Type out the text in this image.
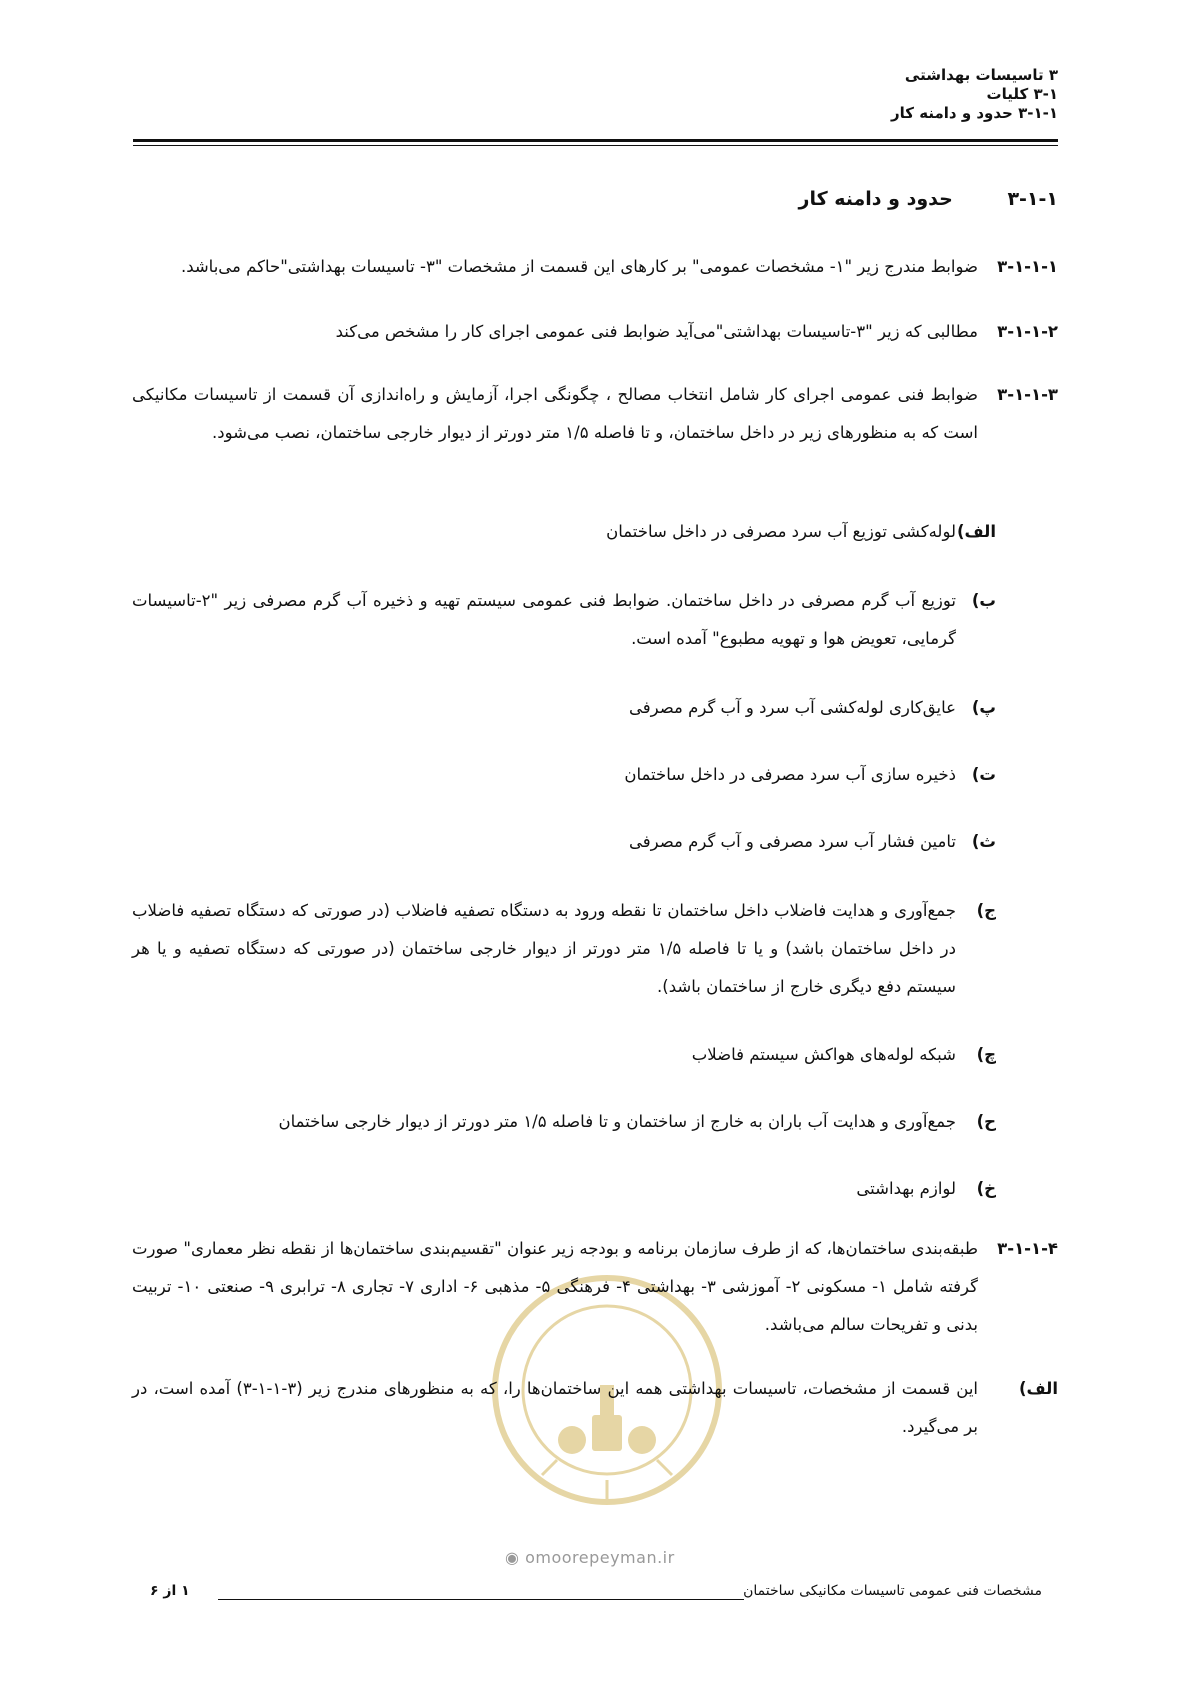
۳ تاسیسات بهداشتی
۳-۱ کلیات
۳-۱-۱ حدود و دامنه کار
۳-۱-۱ حدود و دامنه کار
۳-۱-۱-۱
ضوابط مندرج زیر "۱- مشخصات عمومی" بر کارهای این قسمت از مشخصات "۳- تاسیسات بهداشتی"حاکم می‌باشد.
۳-۱-۱-۲
مطالبی که زیر "۳-تاسیسات بهداشتی"می‌آید ضوابط فنی عمومی اجرای کار را مشخص می‌کند
۳-۱-۱-۳
ضوابط فنی عمومی اجرای کار شامل انتخاب مصالح ، چگونگی اجرا، آزمایش و راه‌اندازی آن قسمت از تاسیسات مکانیکی است که به منظورهای زیر در داخل ساختمان، و تا فاصله ۱/۵ متر دورتر از دیوار خارجی ساختمان، نصب می‌شود.
الف)
لوله‌کشی توزیع آب سرد مصرفی در داخل ساختمان
ب)
توزیع آب گرم مصرفی در داخل ساختمان. ضوابط فنی عمومی سیستم تهیه و ذخیره آب گرم مصرفی زیر "۲-تاسیسات گرمایی، تعویض هوا و تهویه مطبوع" آمده است.
پ)
عایق‌کاری لوله‌کشی آب سرد و آب گرم مصرفی
ت)
ذخیره سازی آب سرد مصرفی در داخل ساختمان
ث)
تامین فشار آب سرد مصرفی و آب گرم مصرفی
ج)
جمع‌آوری و هدایت فاضلاب داخل ساختمان تا نقطه ورود به دستگاه تصفیه فاضلاب (در صورتی که دستگاه تصفیه فاضلاب در داخل ساختمان باشد) و یا تا فاصله ۱/۵ متر دورتر از دیوار خارجی ساختمان (در صورتی که دستگاه تصفیه و یا هر سیستم دفع دیگری خارج از ساختمان باشد).
چ)
شبکه لوله‌های هواکش سیستم فاضلاب
ح)
جمع‌آوری و هدایت آب باران به خارج از ساختمان و تا فاصله ۱/۵ متر دورتر از دیوار خارجی ساختمان
خ)
لوازم بهداشتی
۳-۱-۱-۴
طبقه‌بندی ساختمان‌ها، که از طرف سازمان برنامه و بودجه زیر عنوان "تقسیم‌بندی ساختمان‌ها از نقطه نظر معماری" صورت گرفته شامل ۱- مسکونی ۲- آموزشی ۳- بهداشتی ۴- فرهنگی ۵- مذهبی ۶- اداری ۷- تجاری ۸- ترابری ۹- صنعتی ۱۰- تربیت بدنی و تفریحات سالم می‌باشد.
الف)
این قسمت از مشخصات، تاسیسات بهداشتی همه این ساختمان‌ها را، که به منظورهای مندرج زیر (۳-۱-۱-۳) آمده است، در بر می‌گیرد.
◉ omoorepeyman.ir
مشخصات فنی عمومی تاسیسات مکانیکی ساختمان
۱ از ۶
